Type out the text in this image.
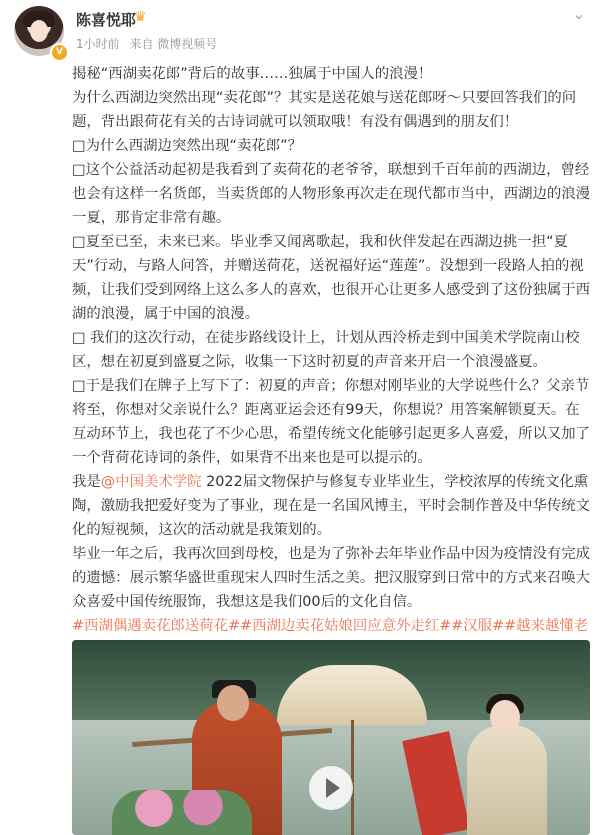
V
陈喜悦耶
♛
1小时前 来自 微博视频号
⌄

揭秘“西湖卖花郎”背后的故事……独属于中国人的浪漫！

为什么西湖边突然出现“卖花郎”？其实是送花娘与送花郎呀～只要回答我们的问题，背出跟荷花有关的古诗词就可以领取哦！有没有偶遇到的朋友们！

□为什么西湖边突然出现“卖花郎”？

□这个公益活动起初是我看到了卖荷花的老爷爷，联想到千百年前的西湖边，曾经也会有这样一名货郎，当卖货郎的人物形象再次走在现代都市当中，西湖边的浪漫一夏，那肯定非常有趣。

□夏至已至，未来已来。毕业季又闻离歌起，我和伙伴发起在西湖边挑一担“夏天”行动，与路人问答，并赠送荷花，送祝福好运“莲莲”。没想到一段路人拍的视频，让我们受到网络上这么多人的喜欢，也很开心让更多人感受到了这份独属于西湖的浪漫，属于中国的浪漫。

□ 我们的这次行动，在徒步路线设计上，计划从西泠桥走到中国美术学院南山校区，想在初夏到盛夏之际，收集一下这时初夏的声音来开启一个浪漫盛夏。

□于是我们在牌子上写下了：初夏的声音；你想对刚毕业的大学说些什么？父亲节将至，你想对父亲说什么？距离亚运会还有99天，你想说？用答案解锁夏天。在互动环节上，我也花了不少心思，希望传统文化能够引起更多人喜爱，所以又加了一个背荷花诗词的条件，如果背不出来也是可以提示的。

我是@中国美术学院 2022届文物保护与修复专业毕业生，学校浓厚的传统文化熏陶，激励我把爱好变为了事业，现在是一名国风博主，平时会制作普及中华传统文化的短视频，这次的活动就是我策划的。

毕业一年之后，我再次回到母校，也是为了弥补去年毕业作品中因为疫情没有完成的遗憾：展示繁华盛世重现宋人四时生活之美。把汉服穿到日常中的方式来召唤大众喜爱中国传统服饰，我想这是我们00后的文化自信。

#西湖偶遇卖花郎送荷花##西湖边卖花姑娘回应意外走红##汉服##越来越懂老
